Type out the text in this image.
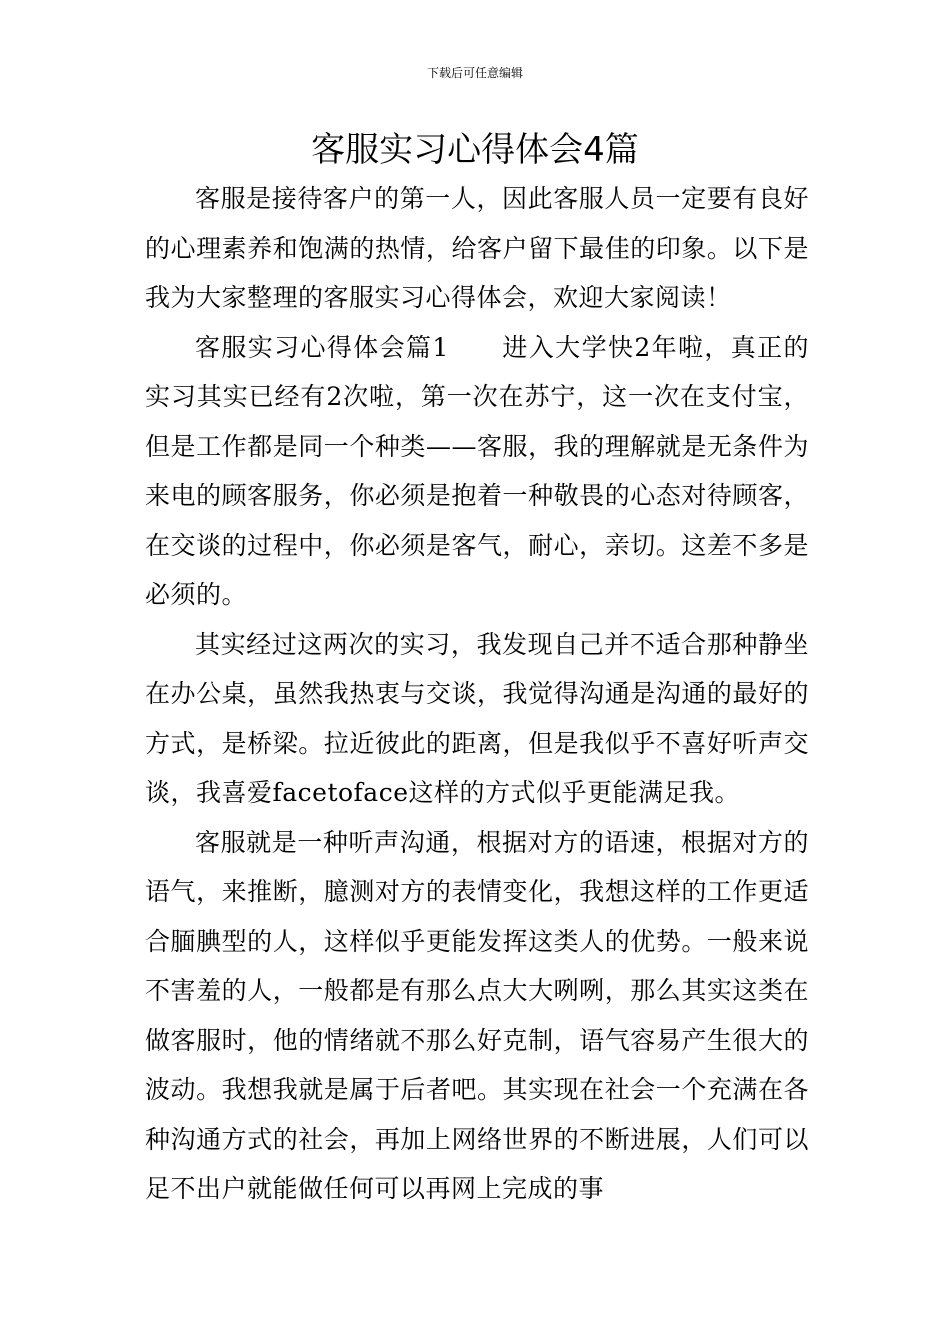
下载后可任意编辑
客服实习心得体会4篇

客服是接待客户的第一人，因此客服人员一定要有良好的心理素养和饱满的热情，给客户留下最佳的印象。以下是我为大家整理的客服实习心得体会，欢迎大家阅读！

客服实习心得体会篇1　　进入大学快2年啦，真正的实习其实已经有2次啦，第一次在苏宁，这一次在支付宝，但是工作都是同一个种类——客服，我的理解就是无条件为来电的顾客服务，你必须是抱着一种敬畏的心态对待顾客，在交谈的过程中，你必须是客气，耐心，亲切。这差不多是必须的。

其实经过这两次的实习，我发现自己并不适合那种静坐在办公桌，虽然我热衷与交谈，我觉得沟通是沟通的最好的方式，是桥梁。拉近彼此的距离，但是我似乎不喜好听声交谈，我喜爱facetoface这样的方式似乎更能满足我。

客服就是一种听声沟通，根据对方的语速，根据对方的语气，来推断，臆测对方的表情变化，我想这样的工作更适合腼腆型的人，这样似乎更能发挥这类人的优势。一般来说不害羞的人，一般都是有那么点大大咧咧，那么其实这类在做客服时，他的情绪就不那么好克制，语气容易产生很大的波动。我想我就是属于后者吧。其实现在社会一个充满在各种沟通方式的社会，再加上网络世界的不断进展，人们可以足不出户就能做任何可以再网上完成的事
